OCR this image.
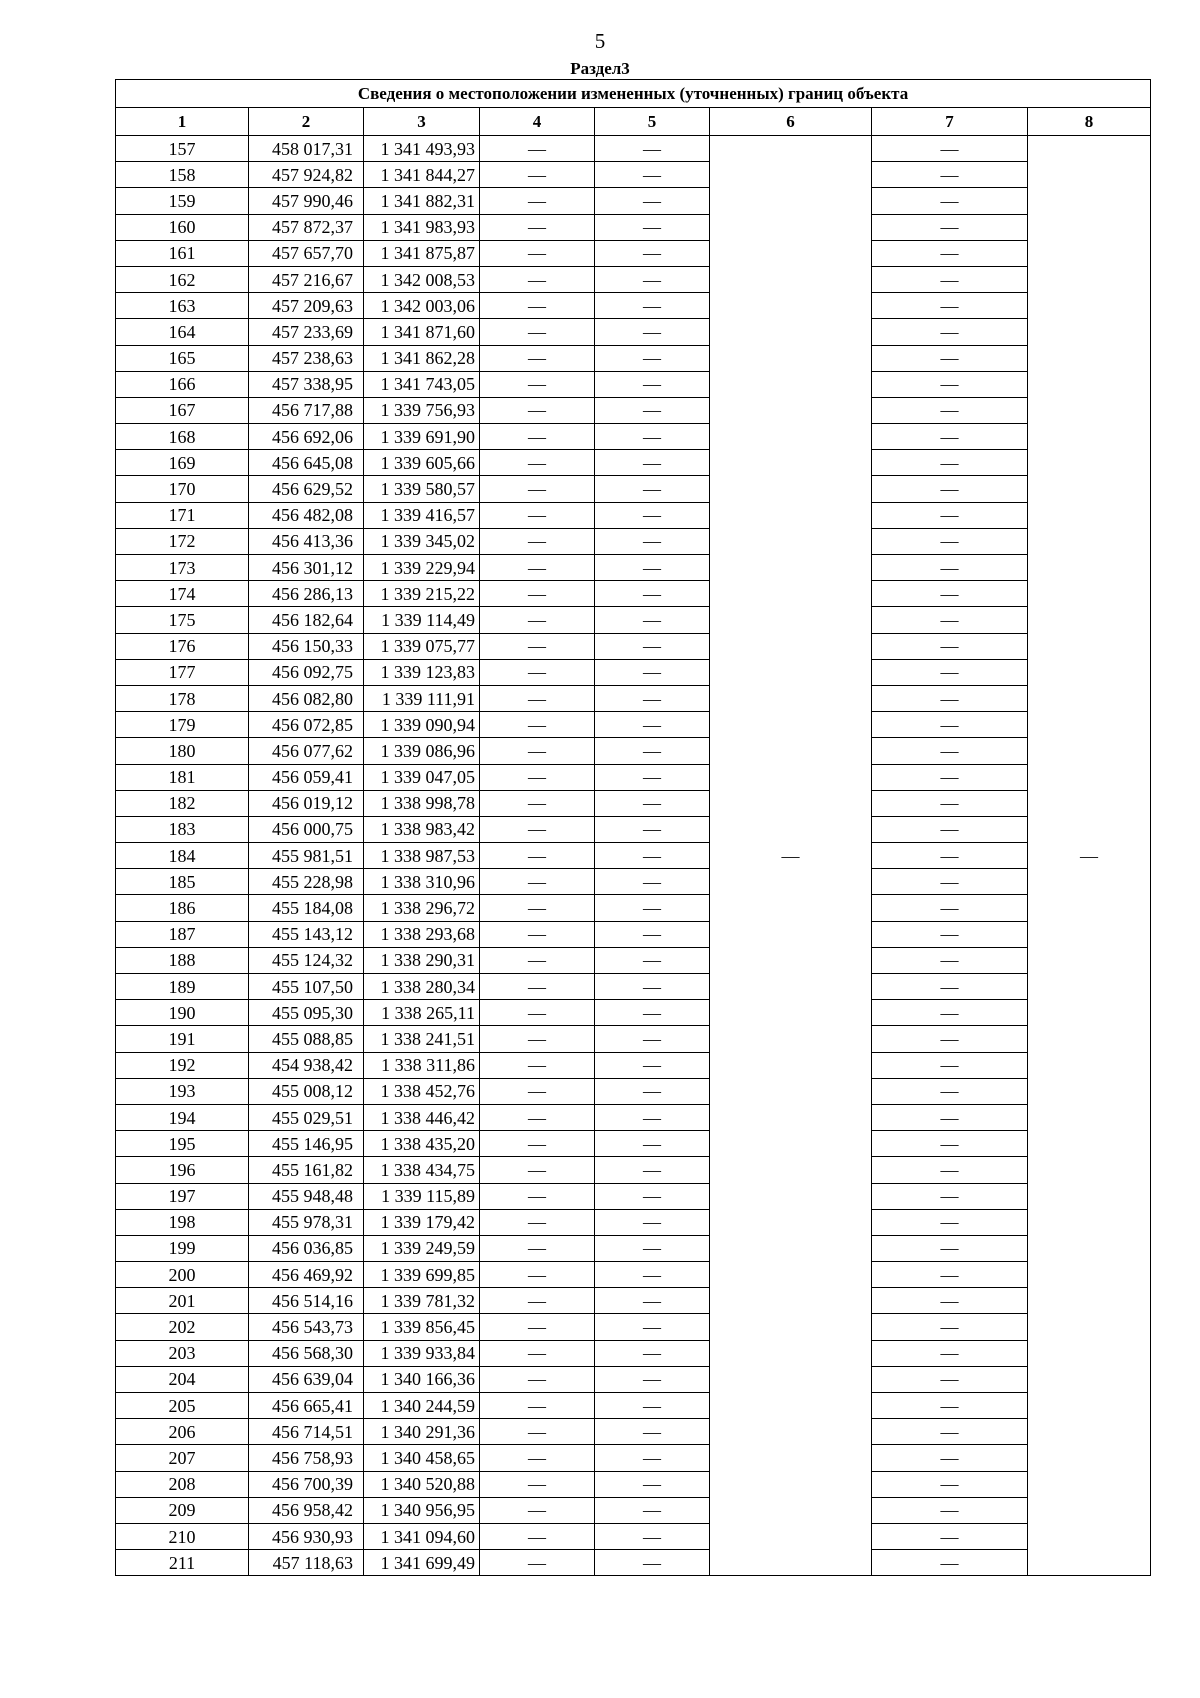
5
Раздел3
Сведения о местоположении измененных (уточненных) границ объекта							
1	2	3	4	5	6	7	8
157	458 017,31	1 341 493,93	—	—	—	—	—
158	457 924,82	1 341 844,27	—	—		—	
159	457 990,46	1 341 882,31	—	—		—	
160	457 872,37	1 341 983,93	—	—		—	
161	457 657,70	1 341 875,87	—	—		—	
162	457 216,67	1 342 008,53	—	—		—	
163	457 209,63	1 342 003,06	—	—		—	
164	457 233,69	1 341 871,60	—	—		—	
165	457 238,63	1 341 862,28	—	—		—	
166	457 338,95	1 341 743,05	—	—		—	
167	456 717,88	1 339 756,93	—	—		—	
168	456 692,06	1 339 691,90	—	—		—	
169	456 645,08	1 339 605,66	—	—		—	
170	456 629,52	1 339 580,57	—	—		—	
171	456 482,08	1 339 416,57	—	—		—	
172	456 413,36	1 339 345,02	—	—		—	
173	456 301,12	1 339 229,94	—	—		—	
174	456 286,13	1 339 215,22	—	—		—	
175	456 182,64	1 339 114,49	—	—		—	
176	456 150,33	1 339 075,77	—	—		—	
177	456 092,75	1 339 123,83	—	—		—	
178	456 082,80	1 339 111,91	—	—		—	
179	456 072,85	1 339 090,94	—	—		—	
180	456 077,62	1 339 086,96	—	—		—	
181	456 059,41	1 339 047,05	—	—		—	
182	456 019,12	1 338 998,78	—	—		—	
183	456 000,75	1 338 983,42	—	—		—	
184	455 981,51	1 338 987,53	—	—		—	
185	455 228,98	1 338 310,96	—	—		—	
186	455 184,08	1 338 296,72	—	—		—	
187	455 143,12	1 338 293,68	—	—		—	
188	455 124,32	1 338 290,31	—	—		—	
189	455 107,50	1 338 280,34	—	—		—	
190	455 095,30	1 338 265,11	—	—		—	
191	455 088,85	1 338 241,51	—	—		—	
192	454 938,42	1 338 311,86	—	—		—	
193	455 008,12	1 338 452,76	—	—		—	
194	455 029,51	1 338 446,42	—	—		—	
195	455 146,95	1 338 435,20	—	—		—	
196	455 161,82	1 338 434,75	—	—		—	
197	455 948,48	1 339 115,89	—	—		—	
198	455 978,31	1 339 179,42	—	—		—	
199	456 036,85	1 339 249,59	—	—		—	
200	456 469,92	1 339 699,85	—	—		—	
201	456 514,16	1 339 781,32	—	—		—	
202	456 543,73	1 339 856,45	—	—		—	
203	456 568,30	1 339 933,84	—	—		—	
204	456 639,04	1 340 166,36	—	—		—	
205	456 665,41	1 340 244,59	—	—		—	
206	456 714,51	1 340 291,36	—	—		—	
207	456 758,93	1 340 458,65	—	—		—	
208	456 700,39	1 340 520,88	—	—		—	
209	456 958,42	1 340 956,95	—	—		—	
210	456 930,93	1 341 094,60	—	—		—	
211	457 118,63	1 341 699,49	—	—		—	
